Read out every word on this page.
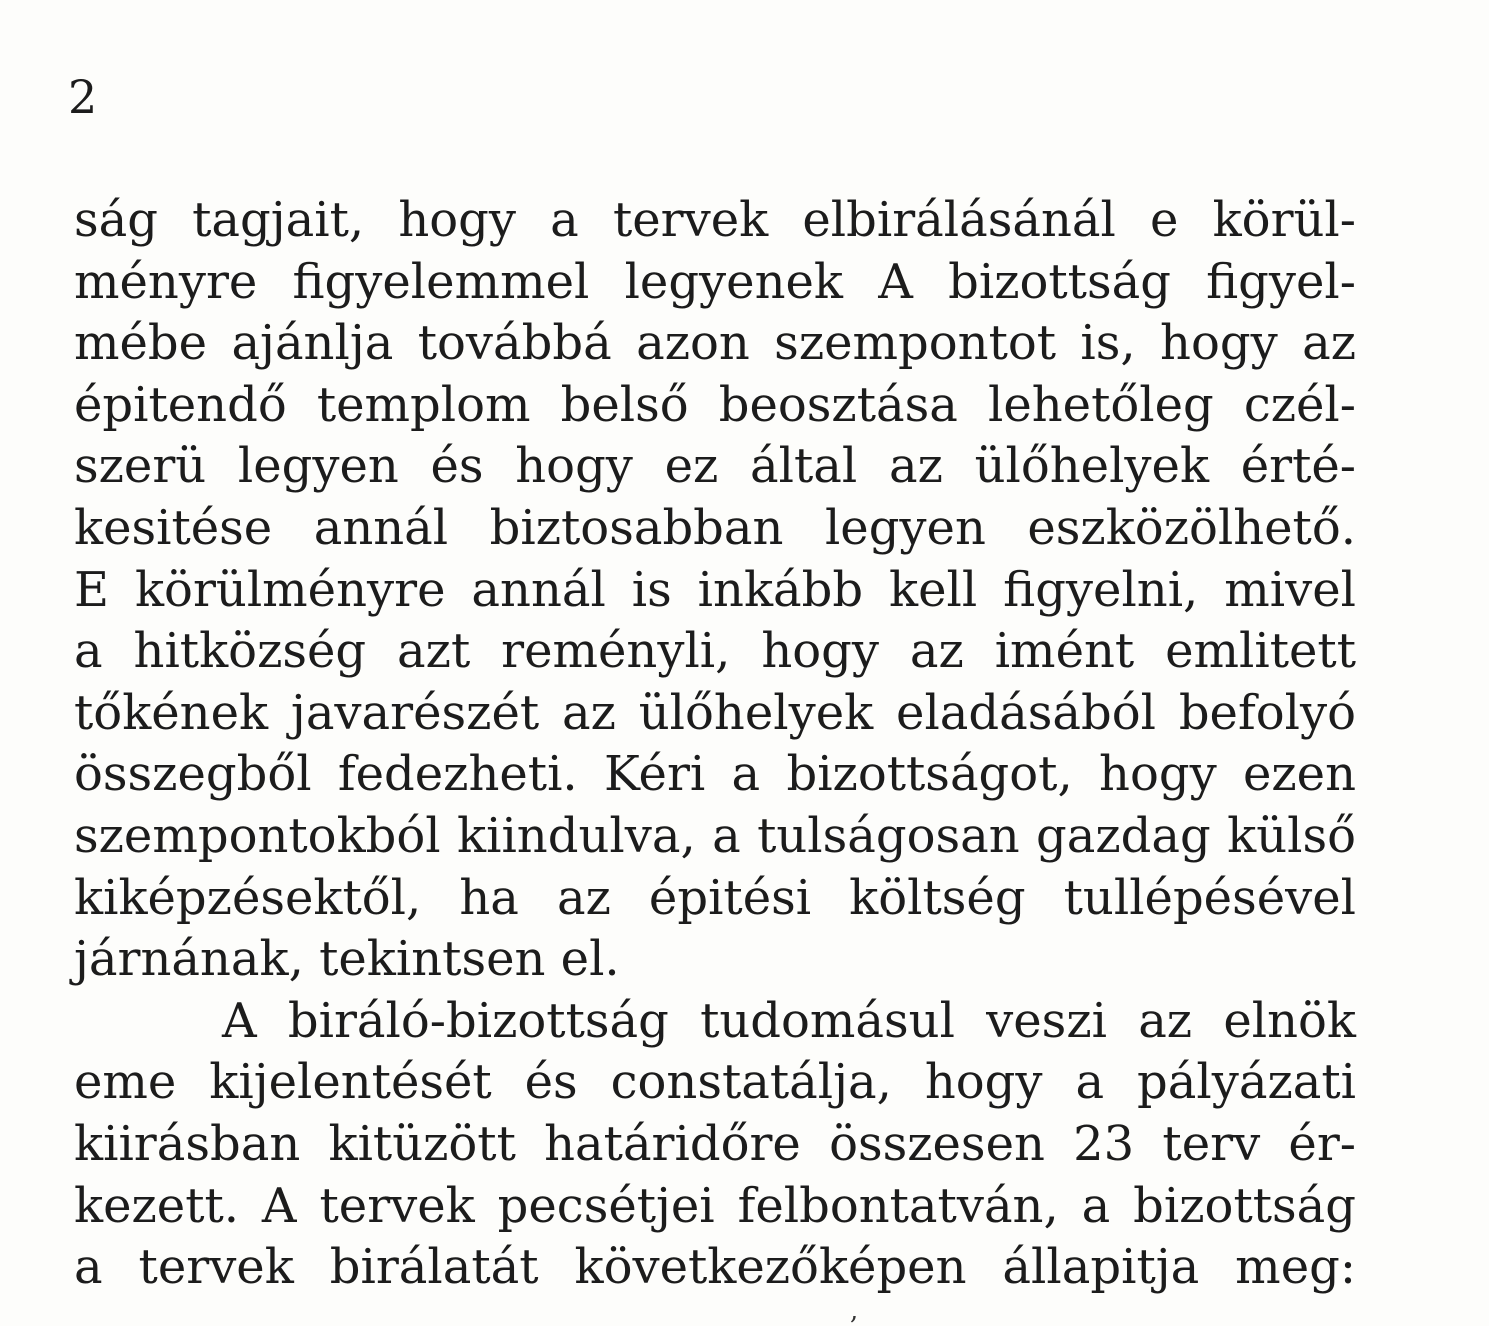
2
ság tagjait, hogy a tervek elbirálásánál e körül-
ményre figyelemmel legyenek A bizottság figyel-
mébe ajánlja továbbá azon szempontot is, hogy az
épitendő templom belső beosztása lehetőleg czél-
szerü legyen és hogy ez által az ülőhelyek érté-
kesitése annál biztosabban legyen eszközölhető.
E körülményre annál is inkább kell figyelni, mivel
a hitközség azt reményli, hogy az imént emlitett
tőkének javarészét az ülőhelyek eladásából befolyó
összegből fedezheti. Kéri a bizottságot, hogy ezen
szempontokból kiindulva, a tulságosan gazdag külső
kiképzésektől, ha az épitési költség tullépésével
járnának, tekintsen el.
A biráló-bizottság tudomásul veszi az elnök
eme kijelentését és constatálja, hogy a pályázati
kiirásban kitüzött határidőre összesen 23 terv ér-
kezett. A tervek pecsétjei felbontatván, a bizottság
a tervek birálatát következőképen állapitja meg:
,
